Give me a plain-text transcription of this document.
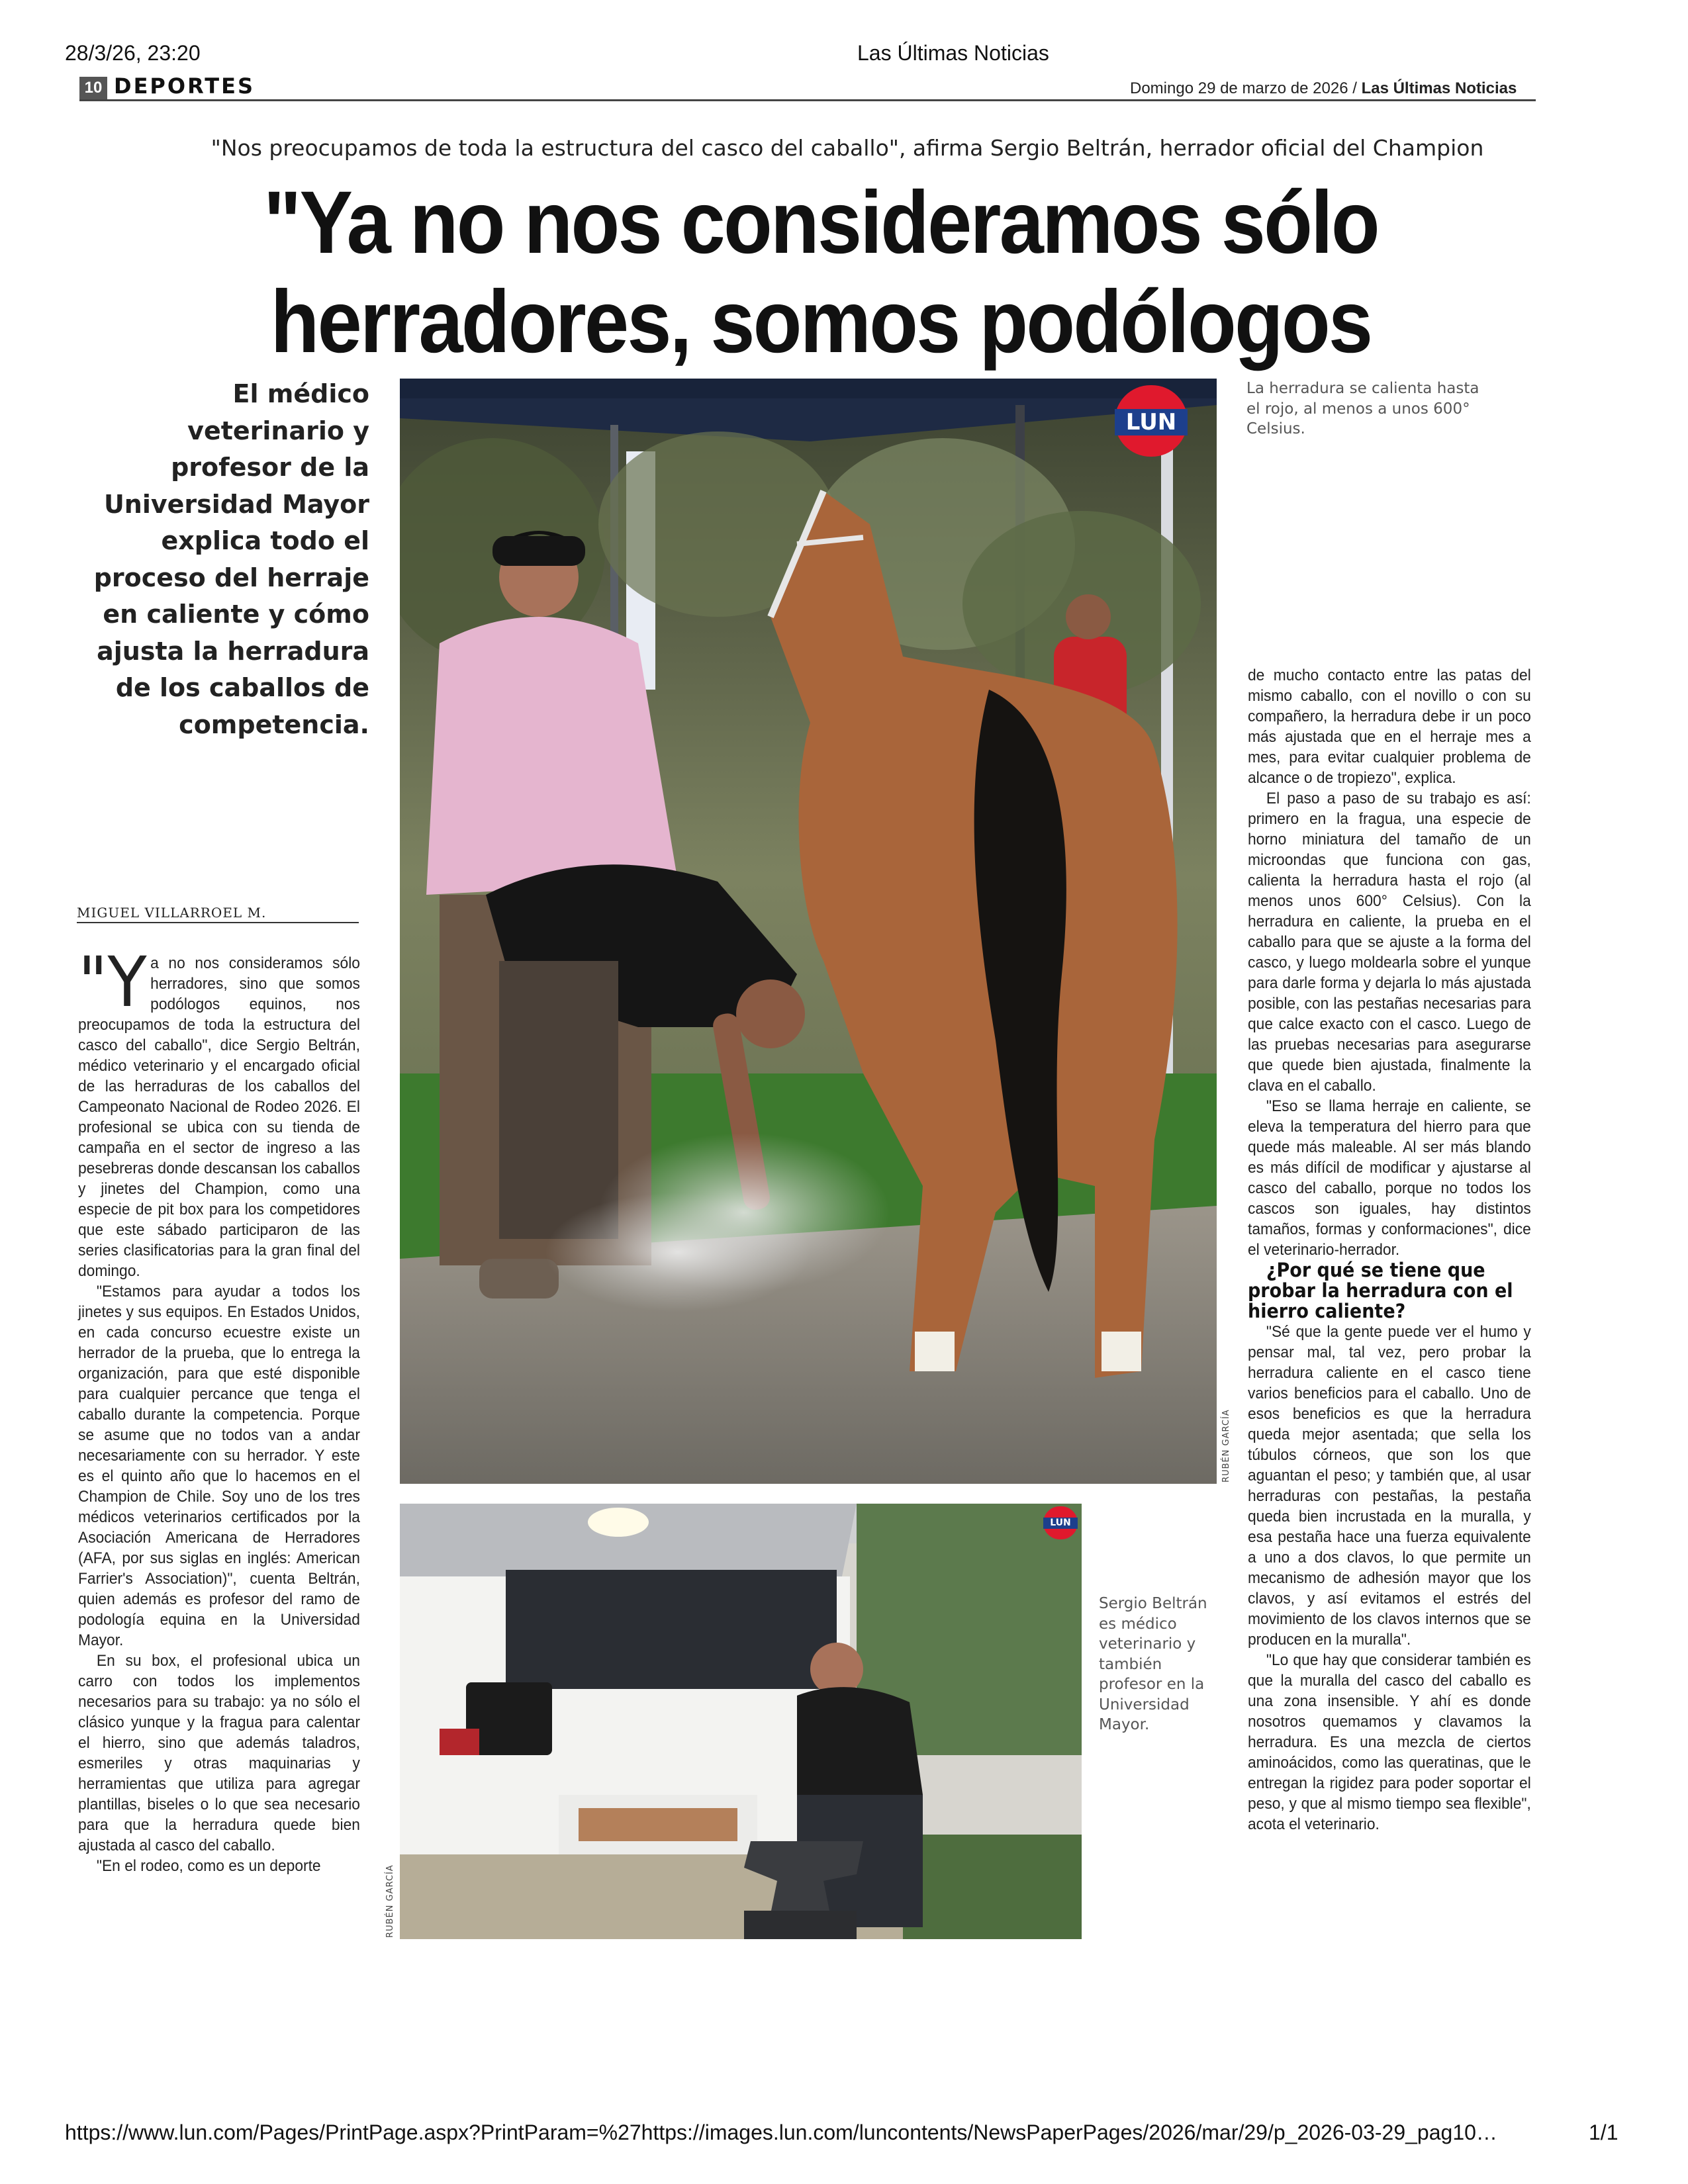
28/3/26, 23:20	Las Últimas Noticias
10 DEPORTES	Domingo 29 de marzo de 2026 / Las Últimas Noticias
"Nos preocupamos de toda la estructura del casco del caballo", afirma Sergio Beltrán, herrador oficial del Champion
"Ya no nos consideramos sólo
herradores, somos podólogos
El médico veterinario y profesor de la Universidad Mayor explica todo el proceso del herraje en caliente y cómo ajusta la herradura de los caballos de competencia.
MIGUEL VILLARROEL M.

"Ya no nos consideramos sólo herradores, sino que somos podólogos equinos, nos preocupamos de toda la estructura del casco del caballo", dice Sergio Beltrán, médico veterinario y el encargado oficial de las herraduras de los caballos del Campeonato Nacional de Rodeo 2026. El profesional se ubica con su tienda de campaña en el sector de ingreso a las pesebreras donde descansan los caballos y jinetes del Champion, como una especie de pit box para los competidores que este sábado participaron de las series clasificatorias para la gran final del domingo.

"Estamos para ayudar a todos los jinetes y sus equipos. En Estados Unidos, en cada concurso ecuestre existe un herrador de la prueba, que lo entrega la organización, para que esté disponible para cualquier percance que tenga el caballo durante la competencia. Porque se asume que no todos van a andar necesariamente con su herrador. Y este es el quinto año que lo hacemos en el Champion de Chile. Soy uno de los tres médicos veterinarios certificados por la Asociación Americana de Herradores (AFA, por sus siglas en inglés: American Farrier's Association)", cuenta Beltrán, quien además es profesor del ramo de podología equina en la Universidad Mayor.

En su box, el profesional ubica un carro con todos los implementos necesarios para su trabajo: ya no sólo el clásico yunque y la fragua para calentar el hierro, sino que además taladros, esmeriles y otras maquinarias y herramientas que utiliza para agregar plantillas, biseles o lo que sea necesario para que la herradura quede bien ajustada al casco del caballo.

"En el rodeo, como es un deporte

LUN
RUBÉN GARCÍA
La herradura se calienta hasta el rojo, al menos a unos 600° Celsius.
LUN
RUBÉN GARCÍA
Sergio Beltrán es médico veterinario y también profesor en la Universidad Mayor.

de mucho contacto entre las patas del mismo caballo, con el novillo o con su compañero, la herradura debe ir un poco más ajustada que en el herraje mes a mes, para evitar cualquier problema de alcance o de tropiezo", explica.

El paso a paso de su trabajo es así: primero en la fragua, una especie de horno miniatura del tamaño de un microondas que funciona con gas, calienta la herradura hasta el rojo (al menos unos 600° Celsius). Con la herradura en caliente, la prueba en el caballo para que se ajuste a la forma del casco, y luego moldearla sobre el yunque para darle forma y dejarla lo más ajustada posible, con las pestañas necesarias para que calce exacto con el casco. Luego de las pruebas necesarias para asegurarse que quede bien ajustada, finalmente la clava en el caballo.

"Eso se llama herraje en caliente, se eleva la temperatura del hierro para que quede más maleable. Al ser más blando es más difícil de modificar y ajustarse al casco del caballo, porque no todos los cascos son iguales, hay distintos tamaños, formas y conformaciones", dice el veterinario-herrador.

¿Por qué se tiene que probar la herradura con el hierro caliente?

"Sé que la gente puede ver el humo y pensar mal, tal vez, pero probar la herradura caliente en el casco tiene varios beneficios para el caballo. Uno de esos beneficios es que la herradura queda mejor asentada; que sella los túbulos córneos, que son los que aguantan el peso; y también que, al usar herraduras con pestañas, la pestaña queda bien incrustada en la muralla, y esa pestaña hace una fuerza equivalente a uno a dos clavos, lo que permite un mecanismo de adhesión mayor que los clavos, y así evitamos el estrés del movimiento de los clavos internos que se producen en la muralla".

"Lo que hay que considerar también es que la muralla del casco del caballo es una zona insensible. Y ahí es donde nosotros quemamos y clavamos la herradura. Es una mezcla de ciertos aminoácidos, como las queratinas, que le entregan la rigidez para poder soportar el peso, y que al mismo tiempo sea flexible", acota el veterinario.

https://www.lun.com/Pages/PrintPage.aspx?PrintParam=%27https://images.lun.com/luncontents/NewsPaperPages/2026/mar/29/p_2026-03-29_pag10…	1/1
